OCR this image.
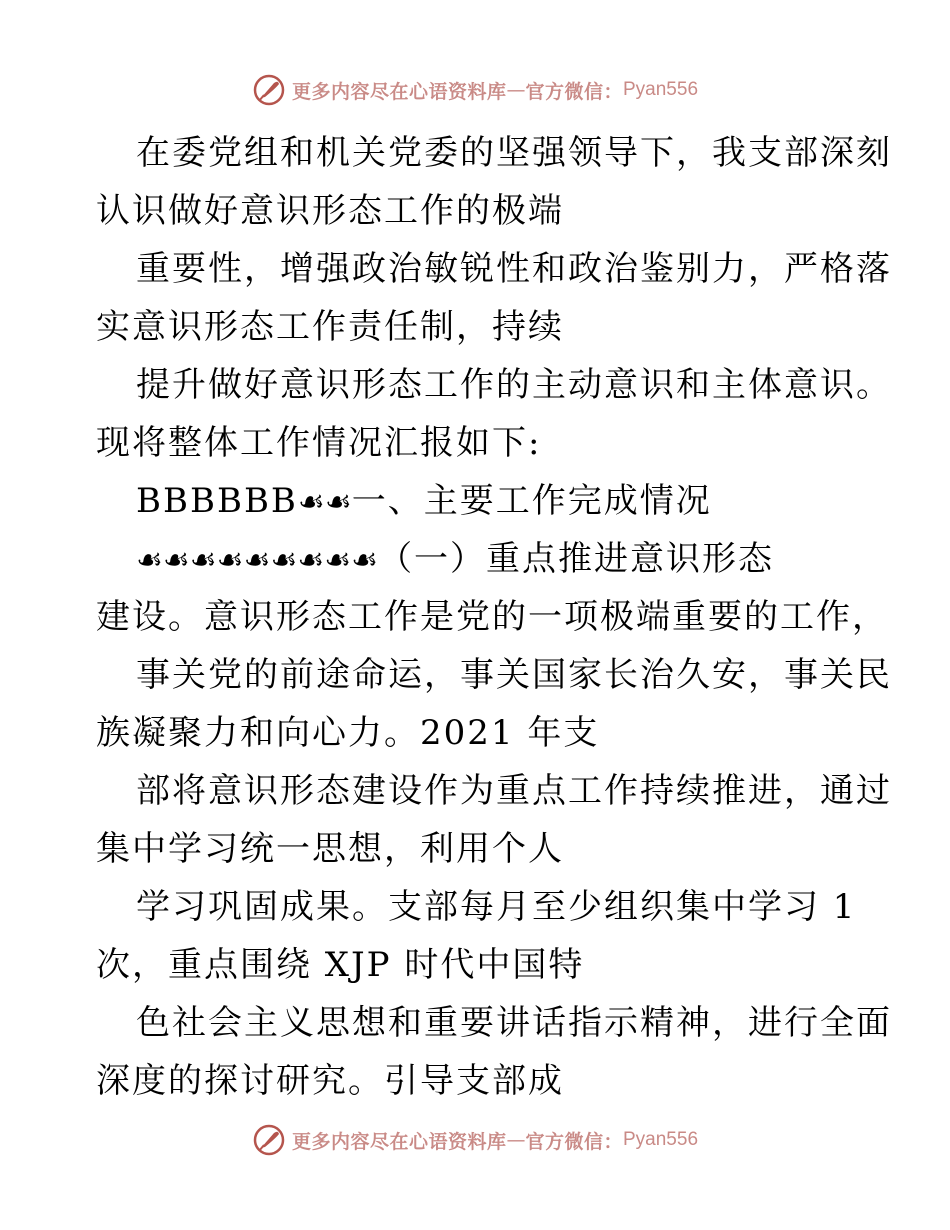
更多内容尽在心语资料库 — 官方微信： Pyan556
在委党组和机关党委的坚强领导下，我支部深刻
认识做好意识形态工作的极端
重要性，增强政治敏锐性和政治鉴别力，严格落
实意识形态工作责任制，持续
提升做好意识形态工作的主动意识和主体意识。
现将整体工作情况汇报如下:
BBBBBB☙☙一、主要工作完成情况
☙☙☙☙☙☙☙☙☙（一）重点推进意识形态
建设。意识形态工作是党的一项极端重要的工作，
事关党的前途命运，事关国家长治久安，事关民
族凝聚力和向心力。2021 年支
部将意识形态建设作为重点工作持续推进，通过
集中学习统一思想，利用个人
学习巩固成果。支部每月至少组织集中学习 1
次，重点围绕 XJP 时代中国特
色社会主义思想和重要讲话指示精神，进行全面
深度的探讨研究。引导支部成
更多内容尽在心语资料库 — 官方微信： Pyan556
